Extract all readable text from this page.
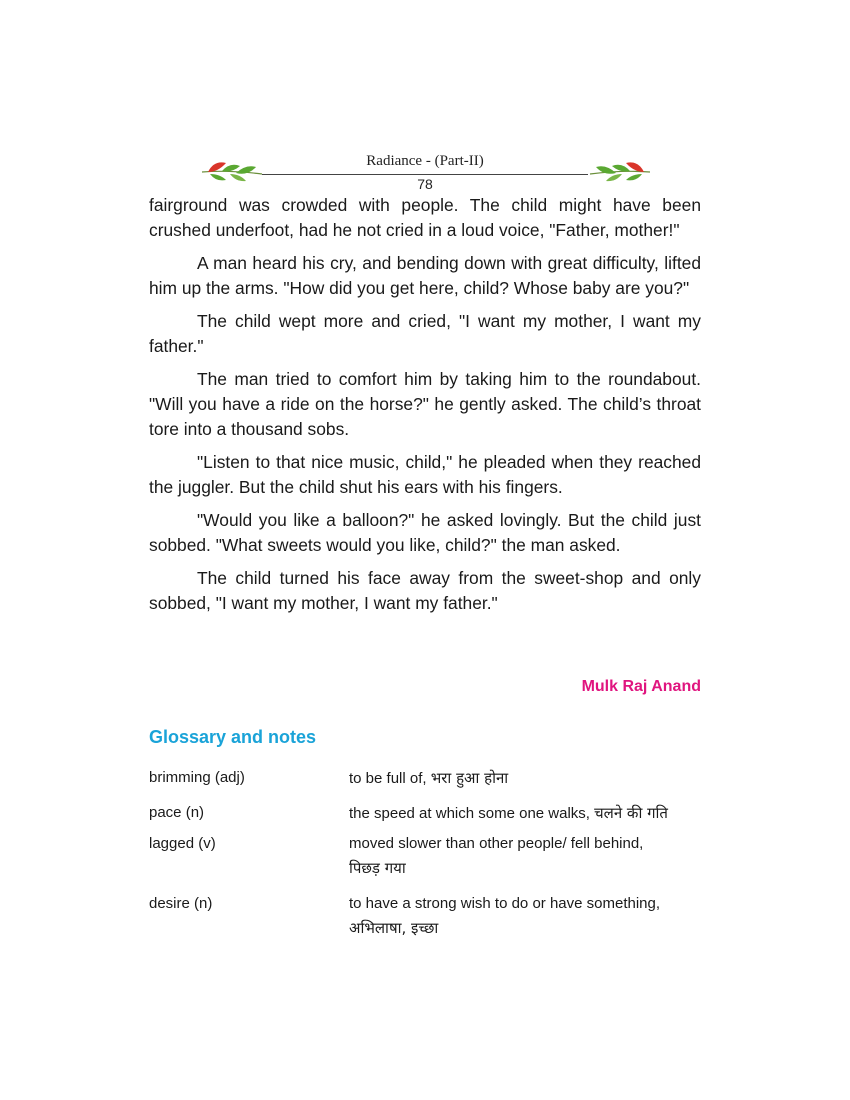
Radiance - (Part-II)
78

fairground was crowded with people. The child might have been crushed underfoot, had he not cried in a loud voice, "Father, mother!"

A man heard his cry, and bending down with great difficulty, lifted him up the arms. "How did you get here, child? Whose baby are you?"

The child wept more and cried, "I want my mother, I want my father."

The man tried to comfort him by taking him to the roundabout. "Will you have a ride on the horse?" he gently asked. The child’s throat tore into a thousand sobs.

"Listen to that nice music, child," he pleaded when they reached the juggler. But the child shut his ears with his fingers.

"Would you like a balloon?" he asked lovingly. But the child just sobbed. "What sweets would you like, child?" the man asked.

The child turned his face away from the sweet-shop and only sobbed, "I want my mother, I want my father."

Mulk Raj Anand
Glossary and notes
brimming (adj)	to be full of, भरा हुआ होना
pace (n)	the speed at which some one walks, चलने की गति
lagged (v)	moved slower than other people/ fell behind,
पिछड़ गया
desire (n)	to have a strong wish to do or have something,
अभिलाषा, इच्छा
